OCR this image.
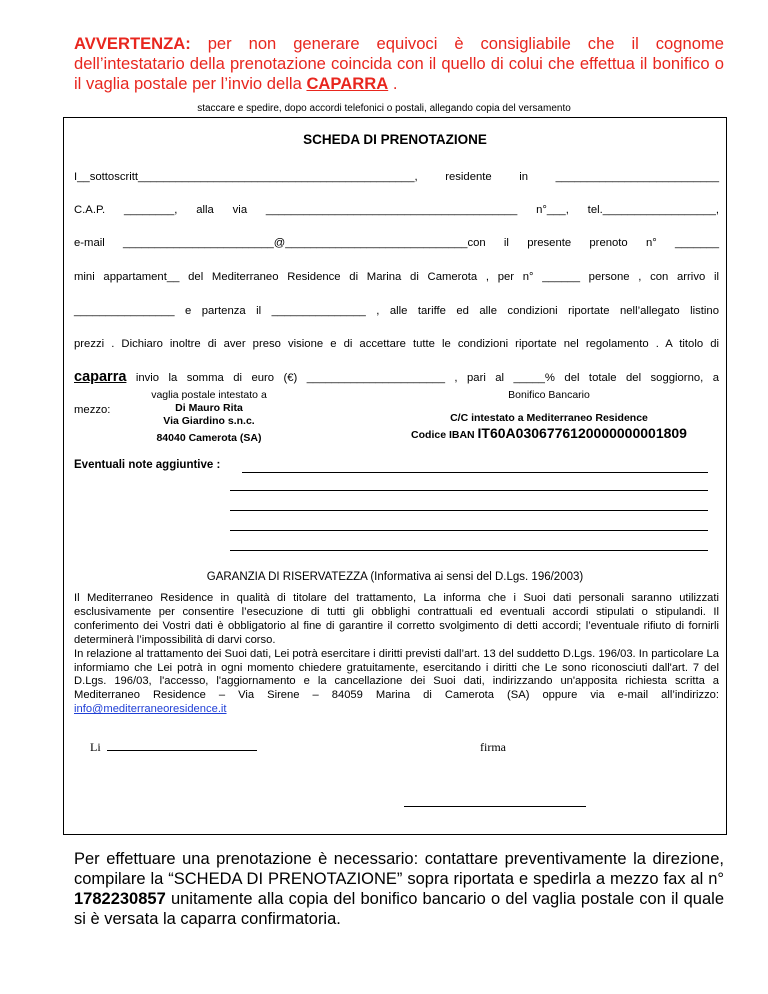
AVVERTENZA: per non generare equivoci è consigliabile che il cognome dell’intestatario della prenotazione coincida con il quello di colui che effettua il bonifico o il vaglia postale per l’invio della CAPARRA .
staccare e spedire, dopo accordi telefonici o postali, allegando copia del versamento
SCHEDA DI PRENOTAZIONE
I__sottoscritt____________________________________________, residente in __________________________
C.A.P. ________, alla via ________________________________________ n°___, tel.__________________,
e-mail ________________________@_____________________________con il presente prenoto n° _______
mini appartament__ del Mediterraneo Residence di Marina di Camerota , per n° ______ persone , con arrivo il
________________ e partenza il _______________ , alle tariffe ed alle condizioni riportate nell’allegato listino
prezzi . Dichiaro inoltre di aver preso visione e di accettare tutte le condizioni riportate nel regolamento . A titolo di
caparra invio la somma di euro (€) ______________________ , pari al _____% del totale del soggiorno, a
mezzo:
vaglia postale intestato a
Di Mauro Rita
Via Giardino s.n.c.
84040 Camerota (SA)
Bonifico Bancario
C/C intestato a Mediterraneo Residence
Codice IBAN IT60A0306776120000000001809
Eventuali note aggiuntive :
GARANZIA DI RISERVATEZZA (Informativa ai sensi del D.Lgs. 196/2003)
Il Mediterraneo Residence in qualità di titolare del trattamento, La informa che i Suoi dati personali saranno utilizzati esclusivamente per consentire l’esecuzione di tutti gli obblighi contrattuali ed eventuali accordi stipulati o stipulandi. Il conferimento dei Vostri dati è obbligatorio al fine di garantire il corretto svolgimento di detti accordi; l’eventuale rifiuto di fornirli determinerà l’impossibilità di darvi corso.
In relazione al trattamento dei Suoi dati, Lei potrà esercitare i diritti previsti dall’art. 13 del suddetto D.Lgs. 196/03. In particolare La informiamo che Lei potrà in ogni momento chiedere gratuitamente, esercitando i diritti che Le sono riconosciuti dall'art. 7 del D.Lgs. 196/03, l'accesso, l'aggiornamento e la cancellazione dei Suoi dati, indirizzando un'apposita richiesta scritta a Mediterraneo Residence – Via Sirene – 84059 Marina di Camerota (SA) oppure via e-mail all’indirizzo: info@mediterraneoresidence.it
Li	firma
Per effettuare una prenotazione è necessario: contattare preventivamente la direzione, compilare la “SCHEDA DI PRENOTAZIONE” sopra riportata e spedirla a mezzo fax al n° 1782230857 unitamente alla copia del bonifico bancario o del vaglia postale con il quale si è versata la caparra confirmatoria.
